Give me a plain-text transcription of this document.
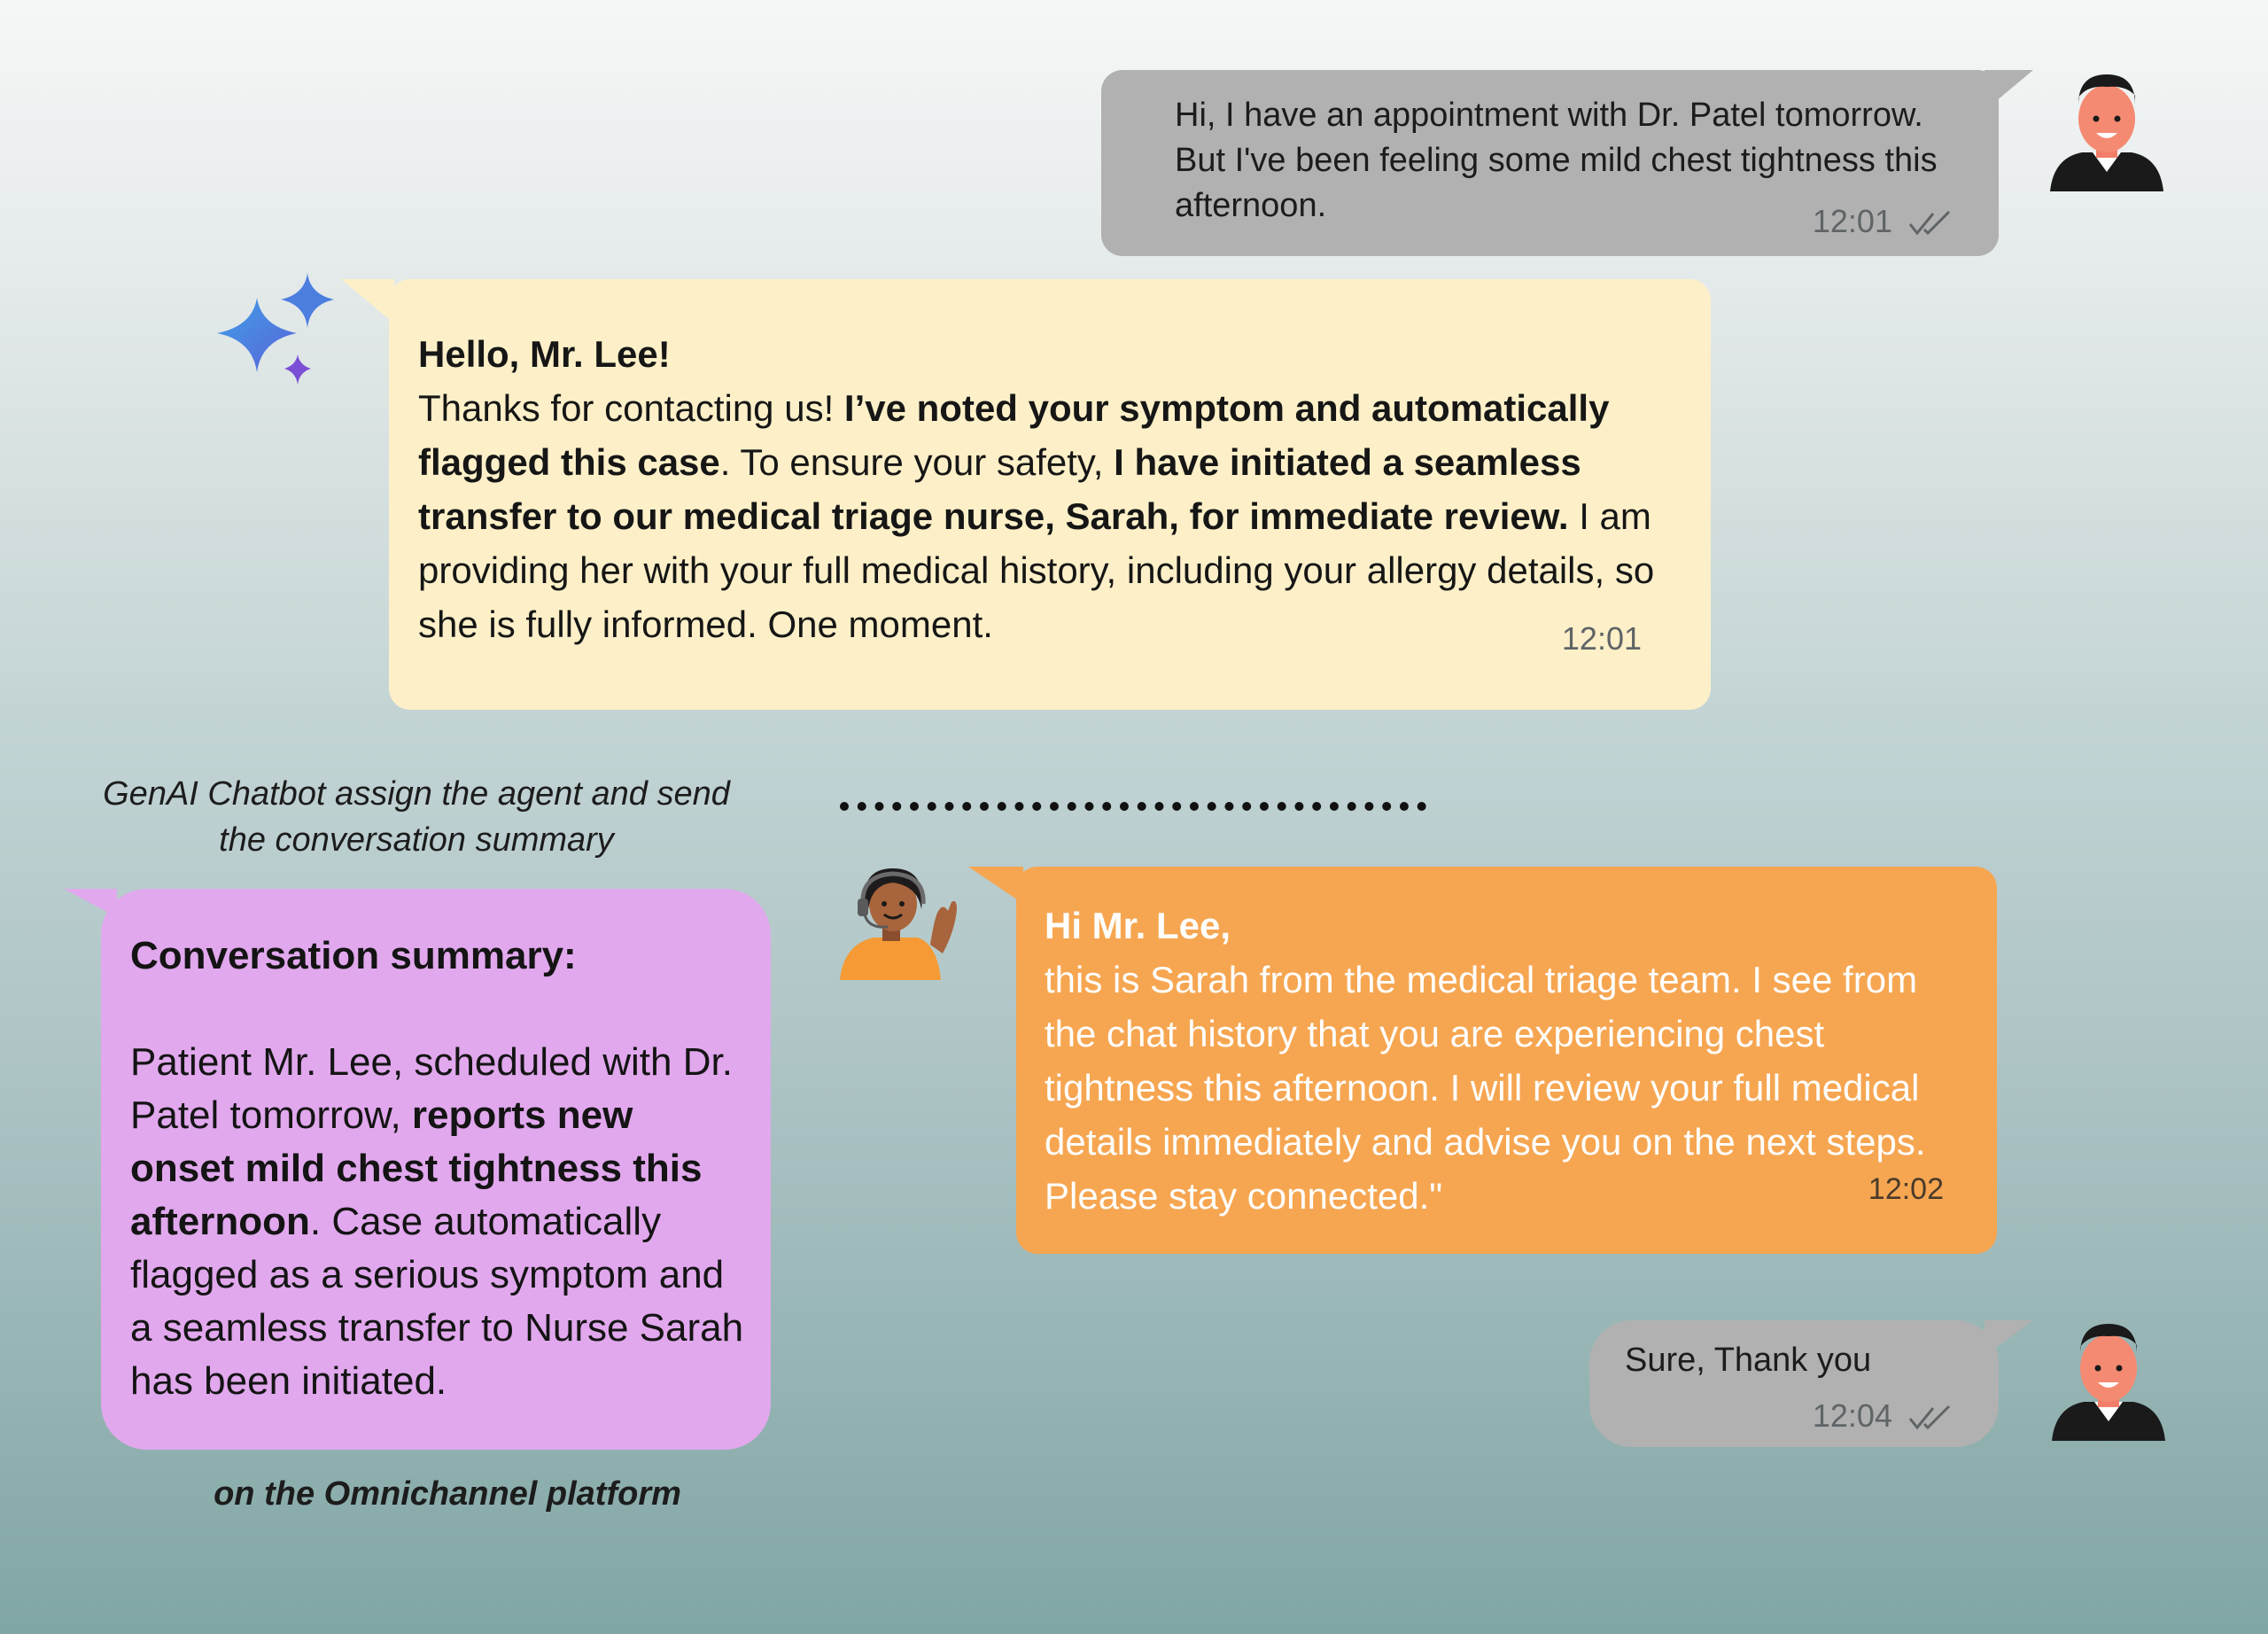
Hi, I have an appointment with Dr. Patel tomorrow. But I've been feeling some mild chest tightness this afternoon.	12:01
Hello, Mr. Lee!
Thanks for contacting us! I’ve noted your symptom and automatically flagged this case. To ensure your safety, I have initiated a seamless transfer to our medical triage nurse, Sarah, for immediate review. I am providing her with your full medical history, including your allergy details, so she is fully informed. One moment.	12:01
GenAI Chatbot assign the agent and send the conversation summary
Conversation summary:
Patient Mr. Lee, scheduled with Dr. Patel tomorrow, reports new onset mild chest tightness this afternoon. Case automatically flagged as a serious symptom and a seamless transfer to Nurse Sarah has been initiated.
on the Omnichannel platform
Hi Mr. Lee,
this is Sarah from the medical triage team. I see from the chat history that you are experiencing chest tightness this afternoon. I will review your full medical details immediately and advise you on the next steps. Please stay connected."	12:02
Sure, Thank you
12:04
